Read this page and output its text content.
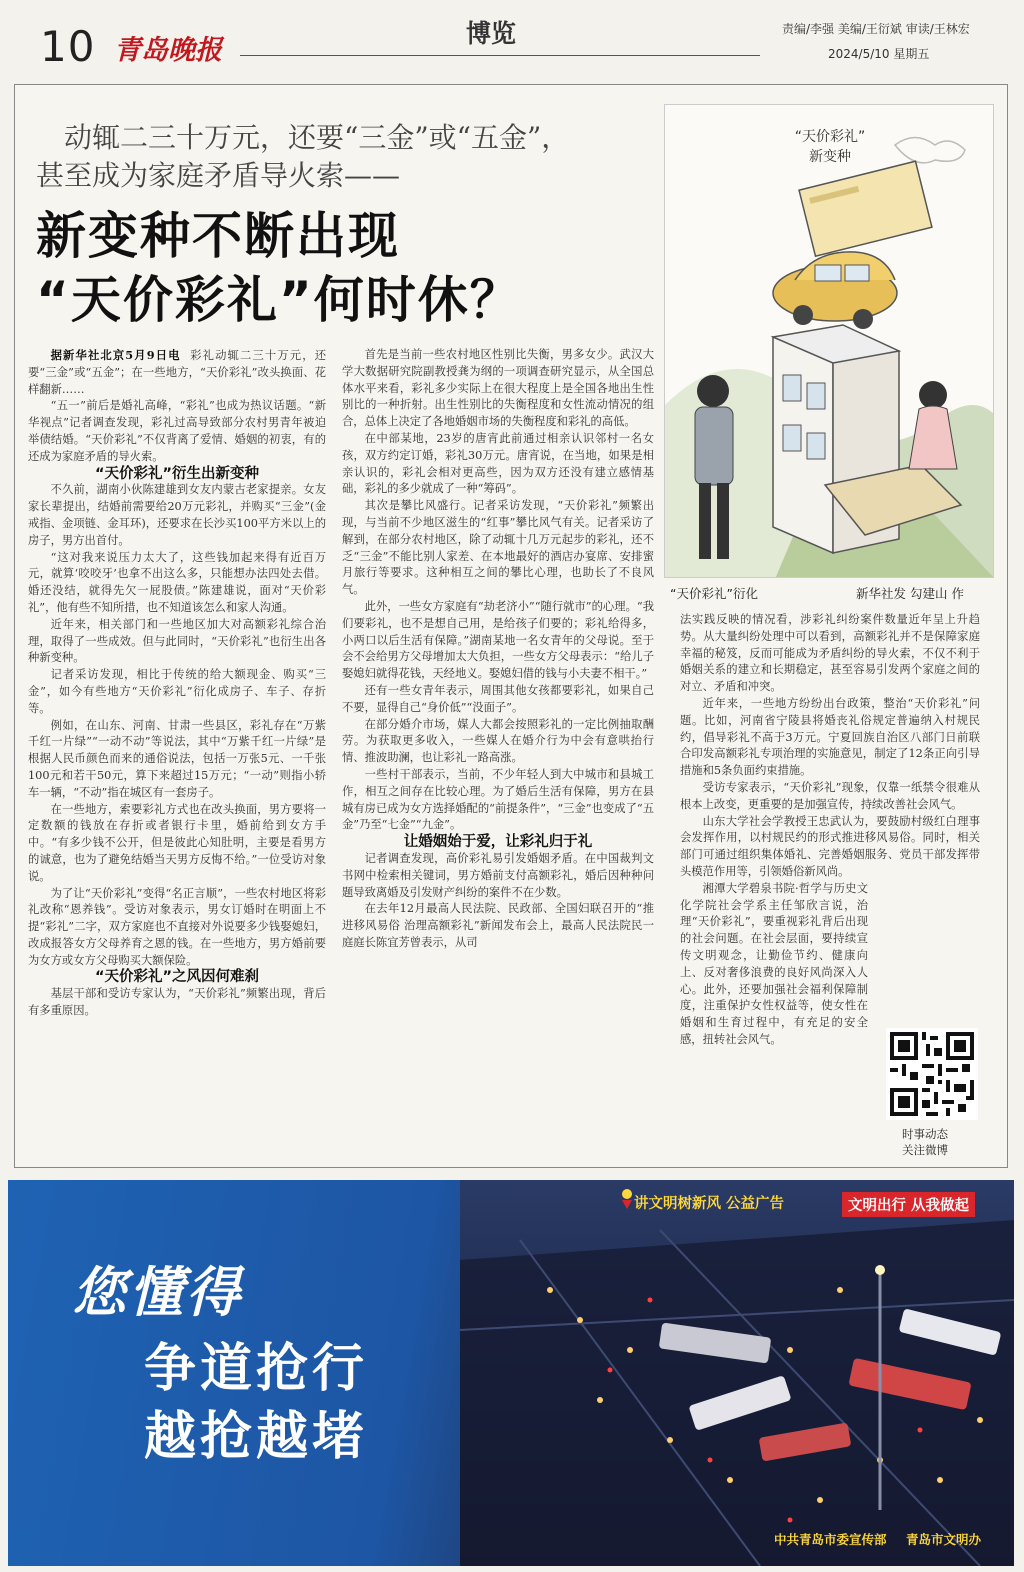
10 青岛晚报
博览	责编/李强 美编/王衍斌 审读/王林宏
2024/5/10 星期五
动辄二三十万元，还要“三金”或“五金”，
甚至成为家庭矛盾导火索——
新变种不断出现
“天价彩礼”何时休？

据新华社北京5月9日电 彩礼动辄二三十万元，还要“三金”或“五金”；在一些地方，“天价彩礼”改头换面、花样翻新……

“五一”前后是婚礼高峰，“彩礼”也成为热议话题。“新华视点”记者调查发现，彩礼过高导致部分农村男青年被迫举债结婚。“天价彩礼”不仅背离了爱情、婚姻的初衷，有的还成为家庭矛盾的导火索。

“天价彩礼”衍生出新变种

不久前，湖南小伙陈建雄到女友内蒙古老家提亲。女友家长辈提出，结婚前需要给20万元彩礼，并购买“三金”(金戒指、金项链、金耳环)，还要求在长沙买100平方米以上的房子，男方出首付。

“这对我来说压力太大了，这些钱加起来得有近百万元，就算‘咬咬牙’也拿不出这么多，只能想办法四处去借。婚还没结，就得先欠一屁股债。”陈建雄说，面对“天价彩礼”，他有些不知所措，也不知道该怎么和家人沟通。

近年来，相关部门和一些地区加大对高额彩礼综合治理，取得了一些成效。但与此同时，“天价彩礼”也衍生出各种新变种。

记者采访发现，相比于传统的给大额现金、购买“三金”，如今有些地方“天价彩礼”衍化成房子、车子、存折等。

例如，在山东、河南、甘肃一些县区，彩礼存在“万紫千红一片绿”“一动不动”等说法，其中“万紫千红一片绿”是根据人民币颜色而来的通俗说法，包括一万张5元、一千张100元和若干50元，算下来超过15万元；“一动”则指小轿车一辆，“不动”指在城区有一套房子。

在一些地方，索要彩礼方式也在改头换面，男方要将一定数额的钱放在存折或者银行卡里，婚前给到女方手中。“有多少钱不公开，但是彼此心知肚明，主要是看男方的诚意，也为了避免结婚当天男方反悔不给。”一位受访对象说。

为了让“天价彩礼”变得“名正言顺”，一些农村地区将彩礼改称“恩养钱”。受访对象表示，男女订婚时在明面上不提“彩礼”二字，双方家庭也不直接对外说要多少钱娶媳妇，改成报答女方父母养育之恩的钱。在一些地方，男方婚前要为女方或女方父母购买大额保险。

“天价彩礼”之风因何难刹

基层干部和受访专家认为，“天价彩礼”频繁出现，背后有多重原因。

首先是当前一些农村地区性别比失衡，男多女少。武汉大学大数据研究院副教授龚为纲的一项调查研究显示，从全国总体水平来看，彩礼多少实际上在很大程度上是全国各地出生性别比的一种折射。出生性别比的失衡程度和女性流动情况的组合，总体上决定了各地婚姻市场的失衡程度和彩礼的高低。

在中部某地，23岁的唐宵此前通过相亲认识邻村一名女孩，双方约定订婚，彩礼30万元。唐宵说，在当地，如果是相亲认识的，彩礼会相对更高些，因为双方还没有建立感情基础，彩礼的多少就成了一种“筹码”。

其次是攀比风盛行。记者采访发现，“天价彩礼”频繁出现，与当前不少地区滋生的“红事”攀比风气有关。记者采访了解到，在部分农村地区，除了动辄十几万元起步的彩礼，还不乏“三金”不能比别人家差、在本地最好的酒店办宴席、安排蜜月旅行等要求。这种相互之间的攀比心理，也助长了不良风气。

此外，一些女方家庭有“劫老济小”“随行就市”的心理。“我们要彩礼，也不是想自己用，是给孩子们要的；彩礼给得多，小两口以后生活有保障。”湖南某地一名女青年的父母说。至于会不会给男方父母增加太大负担，一些女方父母表示：“给儿子娶媳妇就得花钱，天经地义。娶媳妇借的钱与小夫妻不相干。”

还有一些女青年表示，周围其他女孩都要彩礼，如果自己不要，显得自己“身价低”“没面子”。

在部分婚介市场，媒人大都会按照彩礼的一定比例抽取酬劳。为获取更多收入，一些媒人在婚介行为中会有意哄抬行情、推波助澜，也让彩礼一路高涨。

一些村干部表示，当前，不少年轻人到大中城市和县城工作，相互之间存在比较心理。为了婚后生活有保障，男方在县城有房已成为女方选择婚配的“前提条件”，“三金”也变成了“五金”乃至“七金”“九金”。

让婚姻始于爱，让彩礼归于礼

记者调查发现，高价彩礼易引发婚姻矛盾。在中国裁判文书网中检索相关键词，男方婚前支付高额彩礼，婚后因种种问题导致离婚及引发财产纠纷的案件不在少数。

在去年12月最高人民法院、民政部、全国妇联召开的“推进移风易俗 治理高额彩礼”新闻发布会上，最高人民法院民一庭庭长陈宜芳曾表示，从司

“天价彩礼”
新变种
“天价彩礼”衍化	新华社发 勾建山 作

法实践反映的情况看，涉彩礼纠纷案件数量近年呈上升趋势。从大量纠纷处理中可以看到，高额彩礼并不是保障家庭幸福的秘笈，反而可能成为矛盾纠纷的导火索，不仅不利于婚姻关系的建立和长期稳定，甚至容易引发两个家庭之间的对立、矛盾和冲突。

近年来，一些地方纷纷出台政策，整治“天价彩礼”问题。比如，河南省宁陵县将婚丧礼俗规定普遍纳入村规民约，倡导彩礼不高于3万元。宁夏回族自治区八部门日前联合印发高额彩礼专项治理的实施意见，制定了12条正向引导措施和5条负面约束措施。

受访专家表示，“天价彩礼”现象，仅靠一纸禁令很难从根本上改变，更重要的是加强宣传，持续改善社会风气。

山东大学社会学教授王忠武认为，要鼓励村级红白理事会发挥作用，以村规民约的形式推进移风易俗。同时，相关部门可通过组织集体婚礼、完善婚姻服务、党员干部发挥带头模范作用等，引领婚俗新风尚。

湘潭大学碧泉书院·哲学与历史文化学院社会学系主任邹欣言说，治理“天价彩礼”，要重视彩礼背后出现的社会问题。在社会层面，要持续宣传文明观念，让勤俭节约、健康向上、反对奢侈浪费的良好风尚深入人心。此外，还要加强社会福利保障制度，注重保护女性权益等，使女性在婚姻和生育过程中，有充足的安全感，扭转社会风气。

时事动态
关注微博
您懂得
争道抢行
越抢越堵
讲文明树新风 公益广告	文明出行 从我做起
中共青岛市委宣传部 青岛市文明办
